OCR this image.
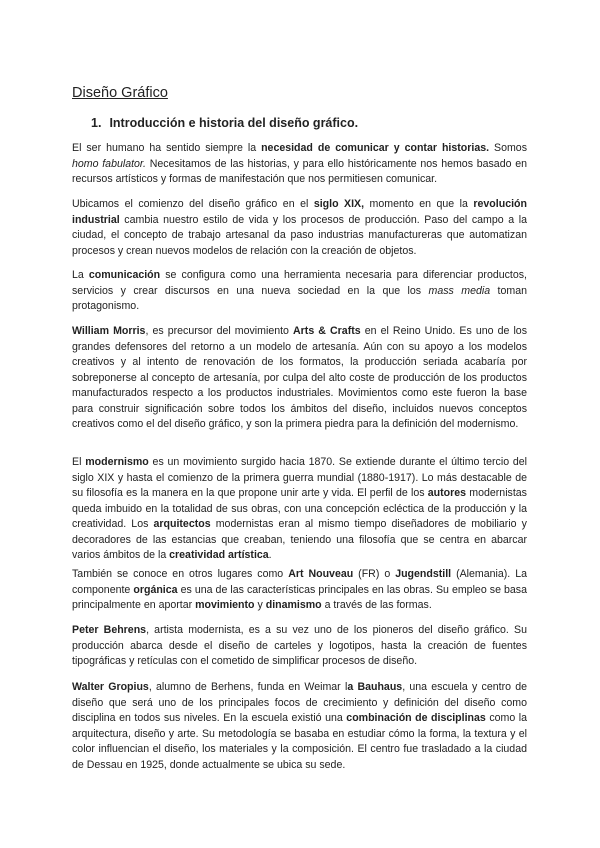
Diseño Gráfico
1. Introducción e historia del diseño gráfico.

El ser humano ha sentido siempre la necesidad de comunicar y contar historias. Somos homo fabulator. Necesitamos de las historias, y para ello históricamente nos hemos basado en recursos artísticos y formas de manifestación que nos permitiesen comunicar.

Ubicamos el comienzo del diseño gráfico en el siglo XIX, momento en que la revolución industrial cambia nuestro estilo de vida y los procesos de producción. Paso del campo a la ciudad, el concepto de trabajo artesanal da paso industrias manufactureras que automatizan procesos y crean nuevos modelos de relación con la creación de objetos.

La comunicación se configura como una herramienta necesaria para diferenciar productos, servicios y crear discursos en una nueva sociedad en la que los mass media toman protagonismo.

William Morris, es precursor del movimiento Arts & Crafts en el Reino Unido. Es uno de los grandes defensores del retorno a un modelo de artesanía. Aún con su apoyo a los modelos creativos y al intento de renovación de los formatos, la producción seriada acabaría por sobreponerse al concepto de artesanía, por culpa del alto coste de producción de los productos manufacturados respecto a los productos industriales. Movimientos como este fueron la base para construir significación sobre todos los ámbitos del diseño, incluidos nuevos conceptos creativos como el del diseño gráfico, y son la primera piedra para la definición del modernismo.

El modernismo es un movimiento surgido hacia 1870. Se extiende durante el último tercio del siglo XIX y hasta el comienzo de la primera guerra mundial (1880-1917). Lo más destacable de su filosofía es la manera en la que propone unir arte y vida. El perfil de los autores modernistas queda imbuido en la totalidad de sus obras, con una concepción ecléctica de la producción y la creatividad. Los arquitectos modernistas eran al mismo tiempo diseñadores de mobiliario y decoradores de las estancias que creaban, teniendo una filosofía que se centra en abarcar varios ámbitos de la creatividad artística.

También se conoce en otros lugares como Art Nouveau (FR) o Jugendstill (Alemania). La componente orgánica es una de las características principales en las obras. Su empleo se basa principalmente en aportar movimiento y dinamismo a través de las formas.

Peter Behrens, artista modernista, es a su vez uno de los pioneros del diseño gráfico. Su producción abarca desde el diseño de carteles y logotipos, hasta la creación de fuentes tipográficas y retículas con el cometido de simplificar procesos de diseño.

Walter Gropius, alumno de Berhens, funda en Weimar la Bauhaus, una escuela y centro de diseño que será uno de los principales focos de crecimiento y definición del diseño como disciplina en todos sus niveles. En la escuela existió una combinación de disciplinas como la arquitectura, diseño y arte. Su metodología se basaba en estudiar cómo la forma, la textura y el color influencian el diseño, los materiales y la composición. El centro fue trasladado a la ciudad de Dessau en 1925, donde actualmente se ubica su sede.
